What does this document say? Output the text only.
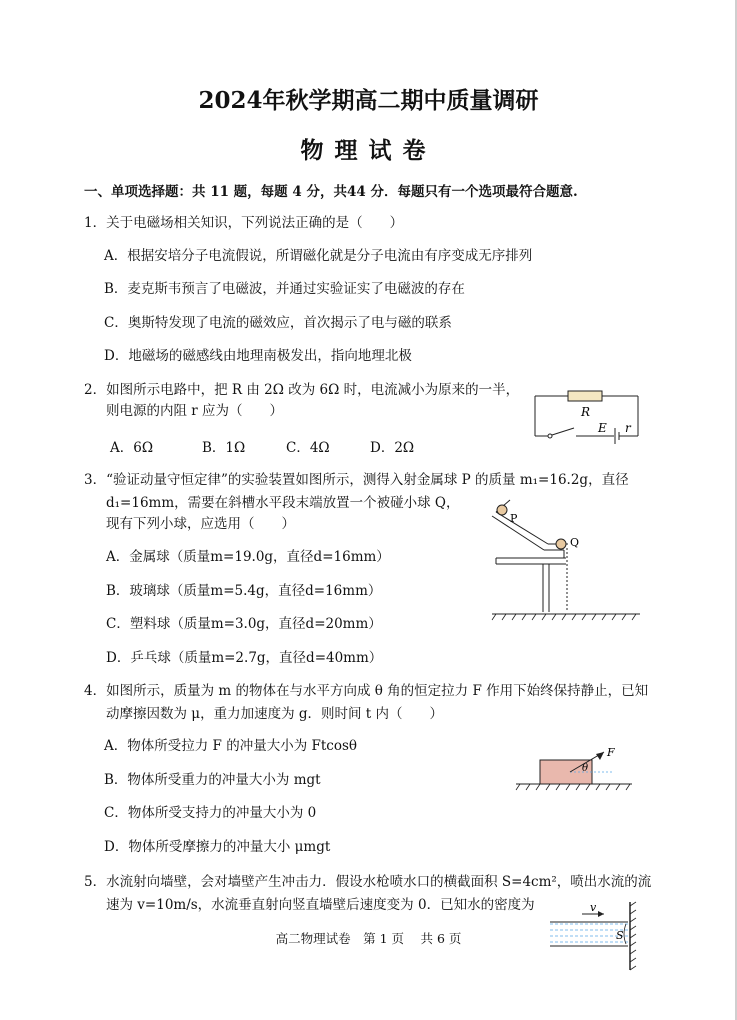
2024年秋学期高二期中质量调研
物理试卷
一、单项选择题：共 11 题，每题 4 分，共44 分．每题只有一个选项最符合题意.
1．关于电磁场相关知识，下列说法正确的是（　　）
A．根据安培分子电流假说，所谓磁化就是分子电流由有序变成无序排列
B．麦克斯韦预言了电磁波，并通过实验证实了电磁波的存在
C．奥斯特发现了电流的磁效应，首次揭示了电与磁的联系
D．地磁场的磁感线由地理南极发出，指向地理北极
2．如图所示电路中，把 R 由 2Ω 改为 6Ω 时，电流减小为原来的一半，
则电源的内阻 r 应为（　　）
A．6Ω	B．1Ω	C．4Ω	D．2Ω
R
E r
3．“验证动量守恒定律”的实验装置如图所示，测得入射金属球 P 的质量 m₁=16.2g，直径
d₁=16mm，需要在斜槽水平段末端放置一个被碰小球 Q，
现有下列小球，应选用（　　）
A．金属球（质量m=19.0g，直径d=16mm）
B．玻璃球（质量m=5.4g，直径d=16mm）
C．塑料球（质量m=3.0g，直径d=20mm）
D．乒乓球（质量m=2.7g，直径d=40mm）
P
Q
4．如图所示，质量为 m 的物体在与水平方向成 θ 角的恒定拉力 F 作用下始终保持静止，已知
动摩擦因数为 μ，重力加速度为 g．则时间 t 内（　　）
A．物体所受拉力 F 的冲量大小为 Ftcosθ
B．物体所受重力的冲量大小为 mgt
C．物体所受支持力的冲量大小为 0
D．物体所受摩擦力的冲量大小 μmgt
F
θ
5．水流射向墙壁，会对墙壁产生冲击力．假设水枪喷水口的横截面积 S=4cm²，喷出水流的流
速为 v=10m/s，水流垂直射向竖直墙壁后速度变为 0．已知水的密度为	v
S
高二物理试卷　第 1 页　 共 6 页
